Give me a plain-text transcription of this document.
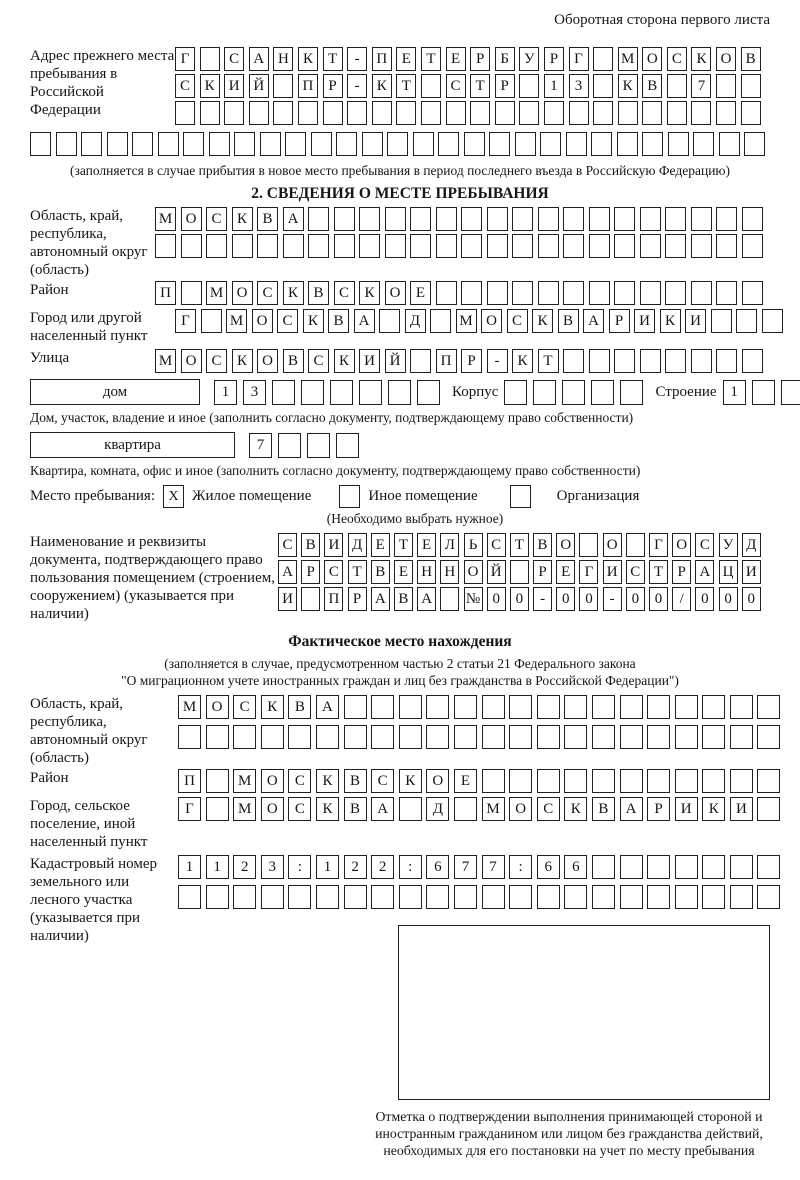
Оборотная сторона первого листа
Адрес прежнего места пребывания в Российской Федерации
Г	С А Н К	Т	-	П Е	Т	Е	Р	Б У	Р	Г	М О С К О В
С К И Й	П	Р	-	К	Т	С	Т	Р	1	3	К В	7
(заполняется в случае прибытия в новое место пребывания в период последнего въезда в Российскую Федерацию)
2. СВЕДЕНИЯ О МЕСТЕ ПРЕБЫВАНИЯ
Область, край, республика, автономный округ (область)
М О	С	К	В	А
Район	П	М О	С	К	В	С	К	О	Е
Город или другой населенный пункт
Г	М О	С	К	В	А	Д	М О	С	К	В	А	Р	И	К	И
Улица	М О	С	К	О	В	С	К	И Й	П	Р	-	К	Т
дом	1	3	Корпус	Строение 1
Дом, участок, владение и иное (заполнить согласно документу, подтверждающему право собственности)
квартира	7
Квартира, комната, офис и иное (заполнить согласно документу, подтверждающему право собственности)
Место пребывания: X Жилое помещение	Иное помещение	Организация
(Необходимо выбрать нужное)
Наименование и реквизиты документа, подтверждающего право пользования помещением (строением, сооружением) (указывается при наличии)
С В И Д Е Т Е Л Ь С Т В О О	Г О С У Д
А Р С Т В Е Н Н О Й	Р Е Г И С Т Р А Ц И
И П Р А В А № 0	0	-	0	0	-	0	0	/	0	0	0
Фактическое место нахождения
(заполняется в случае, предусмотренном частью 2 статьи 21 Федерального закона
"О миграционном учете иностранных граждан и лиц без гражданства в Российской Федерации")
Область, край, республика, автономный округ (область)
М	О	С	К	В	А
Район	П	М	О	С	К	В	С	К	О	Е
Город, сельское поселение, иной населенный пункт
Г	М	О	С	К	В	А	Д	М	О	С	К	В	А	Р	И	К	И
Кадастровый номер земельного или лесного участка (указывается при наличии)
1	1	2	3	:	1	2	2	:	6	7	7	:	6	6
Отметка о подтверждении выполнения принимающей стороной и иностранным гражданином или лицом без гражданства действий, необходимых для его постановки на учет по месту пребывания
